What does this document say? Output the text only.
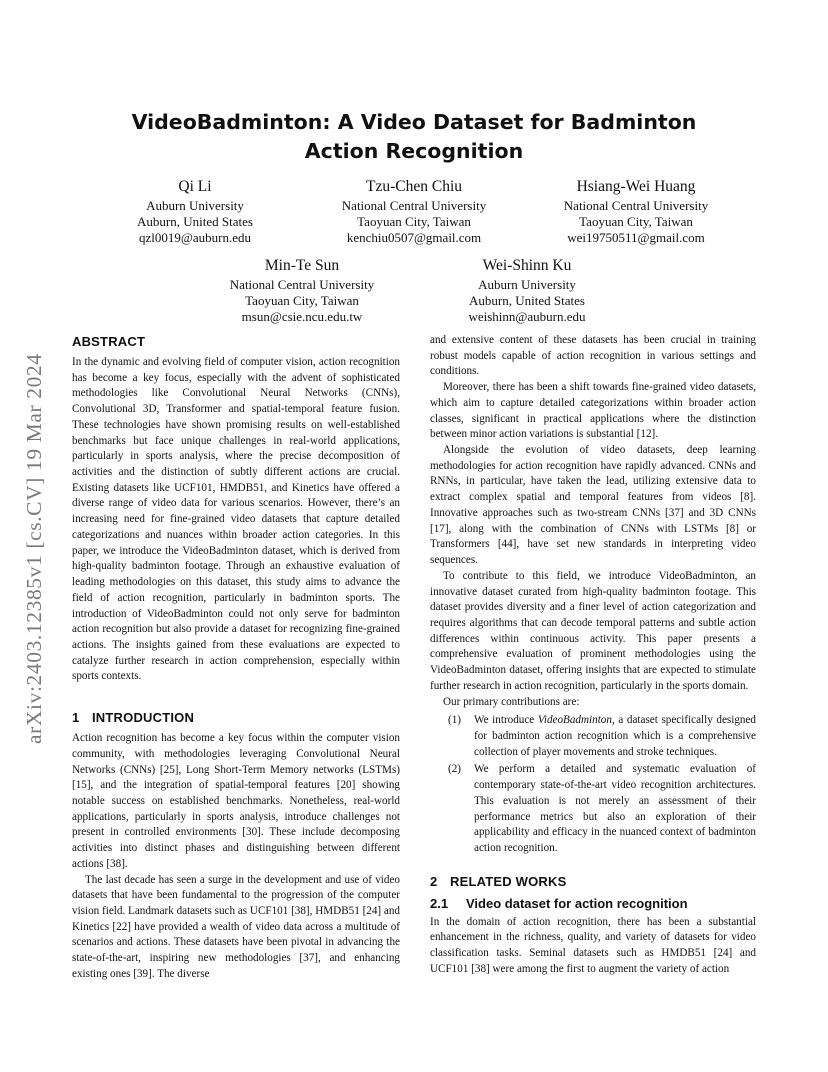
arXiv:2403.12385v1 [cs.CV] 19 Mar 2024
VideoBadminton: A Video Dataset for Badminton Action Recognition
Qi Li
Auburn University
Auburn, United States
qzl0019@auburn.edu
Tzu-Chen Chiu
National Central University
Taoyuan City, Taiwan
kenchiu0507@gmail.com
Hsiang-Wei Huang
National Central University
Taoyuan City, Taiwan
wei19750511@gmail.com
Min-Te Sun
National Central University
Taoyuan City, Taiwan
msun@csie.ncu.edu.tw
Wei-Shinn Ku
Auburn University
Auburn, United States
weishinn@auburn.edu
ABSTRACT

In the dynamic and evolving field of computer vision, action recognition has become a key focus, especially with the advent of sophisticated methodologies like Convolutional Neural Networks (CNNs), Convolutional 3D, Transformer and spatial-temporal feature fusion. These technologies have shown promising results on well-established benchmarks but face unique challenges in real-world applications, particularly in sports analysis, where the precise decomposition of activities and the distinction of subtly different actions are crucial. Existing datasets like UCF101, HMDB51, and Kinetics have offered a diverse range of video data for various scenarios. However, there’s an increasing need for fine-grained video datasets that capture detailed categorizations and nuances within broader action categories. In this paper, we introduce the VideoBadminton dataset, which is derived from high-quality badminton footage. Through an exhaustive evaluation of leading methodologies on this dataset, this study aims to advance the field of action recognition, particularly in badminton sports. The introduction of VideoBadminton could not only serve for badminton action recognition but also provide a dataset for recognizing fine-grained actions. The insights gained from these evaluations are expected to catalyze further research in action comprehension, especially within sports contexts.

1 INTRODUCTION

Action recognition has become a key focus within the computer vision community, with methodologies leveraging Convolutional Neural Networks (CNNs) [25], Long Short-Term Memory networks (LSTMs) [15], and the integration of spatial-temporal features [20] showing notable success on established benchmarks. Nonetheless, real-world applications, particularly in sports analysis, introduce challenges not present in controlled environments [30]. These include decomposing activities into distinct phases and distinguishing between different actions [38].

The last decade has seen a surge in the development and use of video datasets that have been fundamental to the progression of the computer vision field. Landmark datasets such as UCF101 [38], HMDB51 [24] and Kinetics [22] have provided a wealth of video data across a multitude of scenarios and actions. These datasets have been pivotal in advancing the state-of-the-art, inspiring new methodologies [37], and enhancing existing ones [39]. The diverse

and extensive content of these datasets has been crucial in training robust models capable of action recognition in various settings and conditions.

Moreover, there has been a shift towards fine-grained video datasets, which aim to capture detailed categorizations within broader action classes, significant in practical applications where the distinction between minor action variations is substantial [12].

Alongside the evolution of video datasets, deep learning methodologies for action recognition have rapidly advanced. CNNs and RNNs, in particular, have taken the lead, utilizing extensive data to extract complex spatial and temporal features from videos [8]. Innovative approaches such as two-stream CNNs [37] and 3D CNNs [17], along with the combination of CNNs with LSTMs [8] or Transformers [44], have set new standards in interpreting video sequences.

To contribute to this field, we introduce VideoBadminton, an innovative dataset curated from high-quality badminton footage. This dataset provides diversity and a finer level of action categorization and requires algorithms that can decode temporal patterns and subtle action differences within continuous activity. This paper presents a comprehensive evaluation of prominent methodologies using the VideoBadminton dataset, offering insights that are expected to stimulate further research in action recognition, particularly in the sports domain.

Our primary contributions are:

(1)	We introduce VideoBadminton, a dataset specifically designed for badminton action recognition which is a comprehensive collection of player movements and stroke techniques.
(2)	We perform a detailed and systematic evaluation of contemporary state-of-the-art video recognition architectures. This evaluation is not merely an assessment of their performance metrics but also an exploration of their applicability and efficacy in the nuanced context of badminton action recognition.
2 RELATED WORKS
2.1 Video dataset for action recognition

In the domain of action recognition, there has been a substantial enhancement in the richness, quality, and variety of datasets for video classification tasks. Seminal datasets such as HMDB51 [24] and UCF101 [38] were among the first to augment the variety of action
